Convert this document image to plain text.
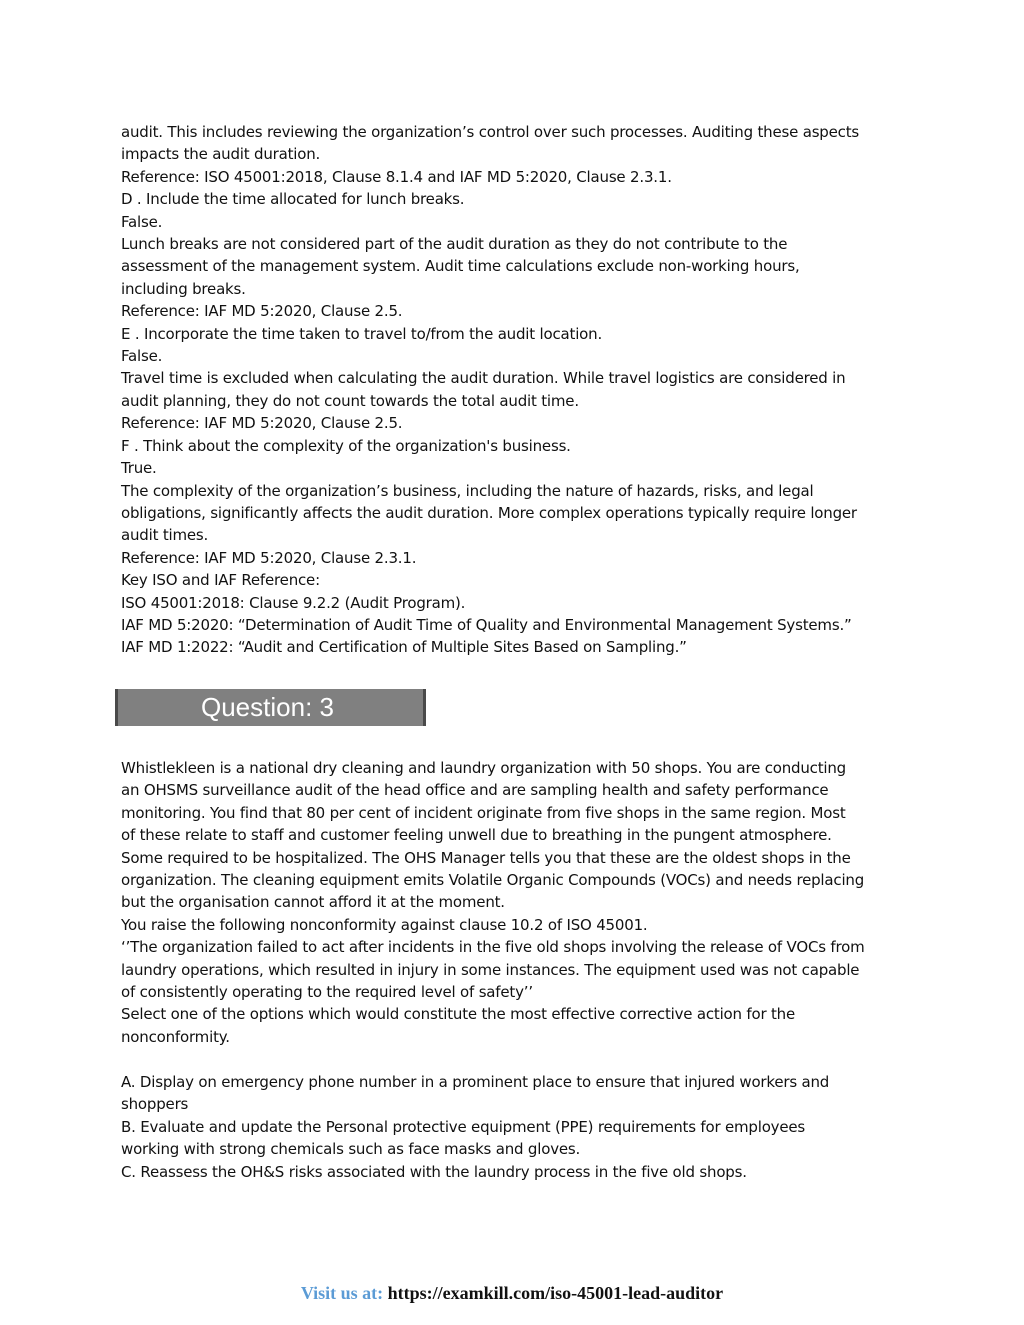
audit. This includes reviewing the organization’s control over such processes. Auditing these aspects
impacts the audit duration.
Reference: ISO 45001:2018, Clause 8.1.4 and IAF MD 5:2020, Clause 2.3.1.
D . Include the time allocated for lunch breaks.
False.
Lunch breaks are not considered part of the audit duration as they do not contribute to the
assessment of the management system. Audit time calculations exclude non-working hours,
including breaks.
Reference: IAF MD 5:2020, Clause 2.5.
E . Incorporate the time taken to travel to/from the audit location.
False.
Travel time is excluded when calculating the audit duration. While travel logistics are considered in
audit planning, they do not count towards the total audit time.
Reference: IAF MD 5:2020, Clause 2.5.
F . Think about the complexity of the organization's business.
True.
The complexity of the organization’s business, including the nature of hazards, risks, and legal
obligations, significantly affects the audit duration. More complex operations typically require longer
audit times.
Reference: IAF MD 5:2020, Clause 2.3.1.
Key ISO and IAF Reference:
ISO 45001:2018: Clause 9.2.2 (Audit Program).
IAF MD 5:2020: “Determination of Audit Time of Quality and Environmental Management Systems.”
IAF MD 1:2022: “Audit and Certification of Multiple Sites Based on Sampling.”
Question: 3
Whistlekleen is a national dry cleaning and laundry organization with 50 shops. You are conducting
an OHSMS surveillance audit of the head office and are sampling health and safety performance
monitoring. You find that 80 per cent of incident originate from five shops in the same region. Most
of these relate to staff and customer feeling unwell due to breathing in the pungent atmosphere.
Some required to be hospitalized. The OHS Manager tells you that these are the oldest shops in the
organization. The cleaning equipment emits Volatile Organic Compounds (VOCs) and needs replacing
but the organisation cannot afford it at the moment.
You raise the following nonconformity against clause 10.2 of ISO 45001.
‘’The organization failed to act after incidents in the five old shops involving the release of VOCs from
laundry operations, which resulted in injury in some instances. The equipment used was not capable
of consistently operating to the required level of safety’’
Select one of the options which would constitute the most effective corrective action for the
nonconformity.
A. Display on emergency phone number in a prominent place to ensure that injured workers and
shoppers
B. Evaluate and update the Personal protective equipment (PPE) requirements for employees
working with strong chemicals such as face masks and gloves.
C. Reassess the OH&S risks associated with the laundry process in the five old shops.
Visit us at: https://examkill.com/iso-45001-lead-auditor
